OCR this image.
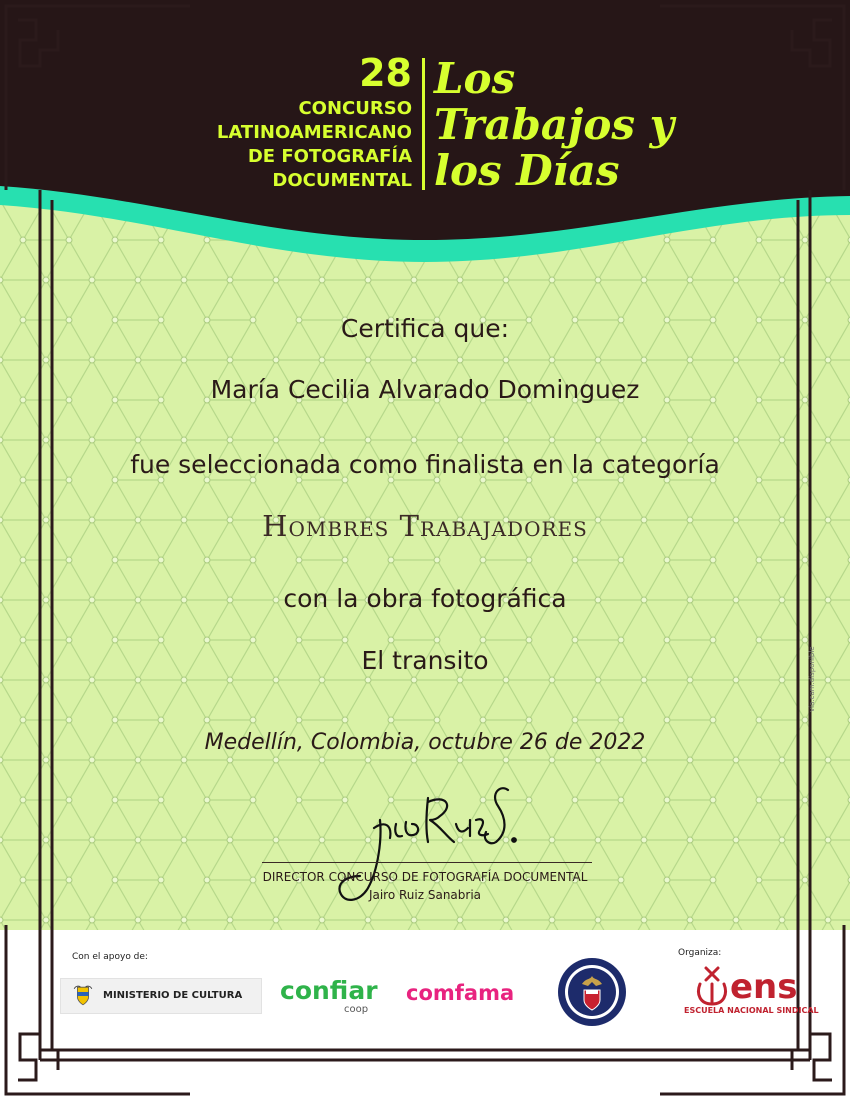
28
CONCURSO
LATINOAMERICANO
DE FOTOGRAFÍA
DOCUMENTAL
Los
Trabajos y
los Días
Certifica que:
María Cecilia Alvarado Dominguez
fue seleccionada como finalista en la categoría
Hombres Trabajadores
con la obra fotográfica
El transito
Medellín, Colombia, octubre 26 de 2022
vía.cam.disponible
Jairo Ruiz S.
DIRECTOR CONCURSO DE FOTOGRAFÍA DOCUMENTAL
Jairo Ruiz Sanabria
Con el apoyo de:	Organiza:
MINISTERIO DE CULTURA confiar
coop
comfama
DEPARTMENT OF LABOR · UNITED STATES OF AMERICA
ens
ESCUELA NACIONAL SINDICAL
